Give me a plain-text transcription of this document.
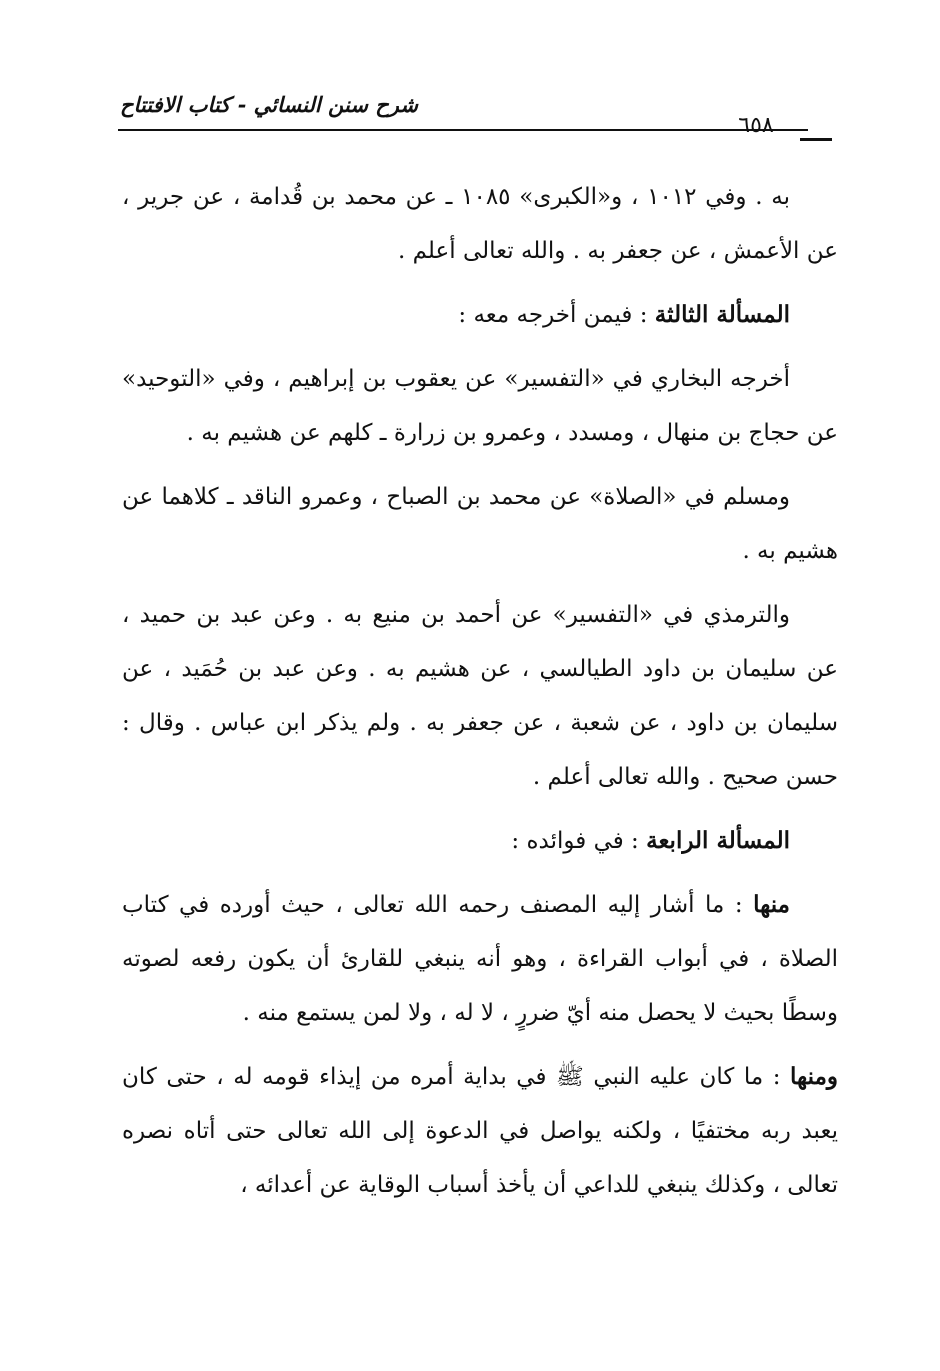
شرح سنن النسائي - كتاب الافتتاح
٦٥٨

به . وفي ١٠١٢ ، و«الكبرى» ١٠٨٥ ـ عن محمد بن قُدامة ، عن جرير ، عن الأعمش ، عن جعفر به . والله تعالى أعلم .

المسألة الثالثة : فيمن أخرجه معه :

أخرجه البخاري في «التفسير» عن يعقوب بن إبراهيم ، وفي «التوحيد» عن حجاج بن منهال ، ومسدد ، وعمرو بن زرارة ـ كلهم عن هشيم به .

ومسلم في «الصلاة» عن محمد بن الصباح ، وعمرو الناقد ـ كلاهما عن هشيم به .

والترمذي في «التفسير» عن أحمد بن منيع به . وعن عبد بن حميد ، عن سليمان بن داود الطيالسي ، عن هشيم به . وعن عبد بن حُمَيد ، عن سليمان بن داود ، عن شعبة ، عن جعفر به . ولم يذكر ابن عباس . وقال : حسن صحيح . والله تعالى أعلم .

المسألة الرابعة : في فوائده :

منها : ما أشار إليه المصنف رحمه الله تعالى ، حيث أورده في كتاب الصلاة ، في أبواب القراءة ، وهو أنه ينبغي للقارئ أن يكون رفعه لصوته وسطًا بحيث لا يحصل منه أيّ ضررٍ ، لا له ، ولا لمن يستمع منه .

ومنها : ما كان عليه النبي ﷺ في بداية أمره من إيذاء قومه له ، حتى كان يعبد ربه مختفيًا ، ولكنه يواصل في الدعوة إلى الله تعالى حتى أتاه نصره تعالى ، وكذلك ينبغي للداعي أن يأخذ أسباب الوقاية عن أعدائه ،
